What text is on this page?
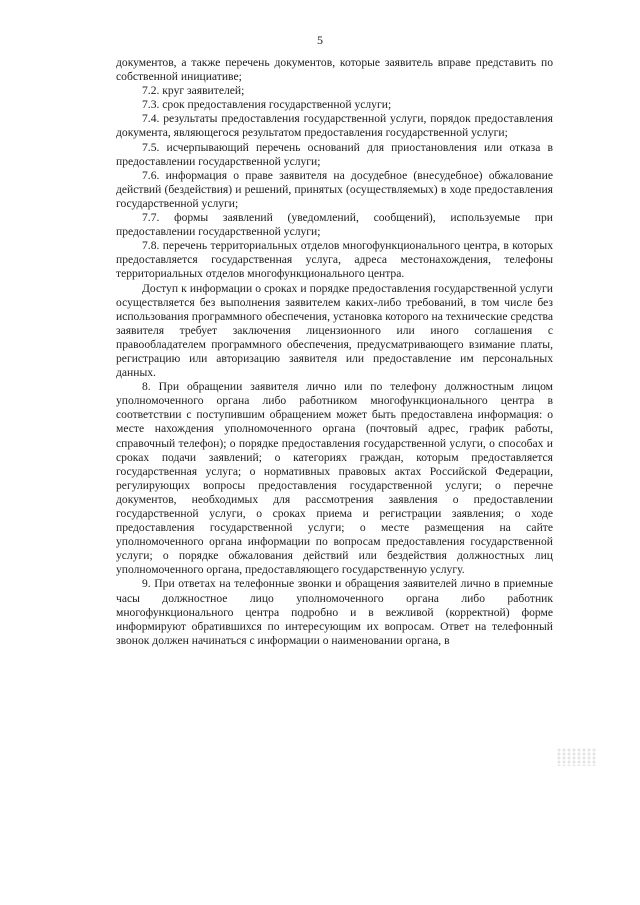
5

документов, а также перечень документов, которые заявитель вправе представить по собственной инициативе;

7.2. круг заявителей;

7.3. срок предоставления государственной услуги;

7.4. результаты предоставления государственной услуги, порядок предоставления документа, являющегося результатом предоставления государственной услуги;

7.5. исчерпывающий перечень оснований для приостановления или отказа в предоставлении государственной услуги;

7.6. информация о праве заявителя на досудебное (внесудебное) обжалование действий (бездействия) и решений, принятых (осуществляемых) в ходе предоставления государственной услуги;

7.7. формы заявлений (уведомлений, сообщений), используемые при предоставлении государственной услуги;

7.8. перечень территориальных отделов многофункционального центра, в которых предоставляется государственная услуга, адреса местонахождения, телефоны территориальных отделов многофункционального центра.

Доступ к информации о сроках и порядке предоставления государственной услуги осуществляется без выполнения заявителем каких-либо требований, в том числе без использования программного обеспечения, установка которого на технические средства заявителя требует заключения лицензионного или иного соглашения с правообладателем программного обеспечения, предусматривающего взимание платы, регистрацию или авторизацию заявителя или предоставление им персональных данных.

8. При обращении заявителя лично или по телефону должностным лицом уполномоченного органа либо работником многофункционального центра в соответствии с поступившим обращением может быть предоставлена информация: о месте нахождения уполномоченного органа (почтовый адрес, график работы, справочный телефон); о порядке предоставления государственной услуги, о способах и сроках подачи заявлений; о категориях граждан, которым предоставляется государственная услуга; о нормативных правовых актах Российской Федерации, регулирующих вопросы предоставления государственной услуги; о перечне документов, необходимых для рассмотрения заявления о предоставлении государственной услуги, о сроках приема и регистрации заявления; о ходе предоставления государственной услуги; о месте размещения на сайте уполномоченного органа информации по вопросам предоставления государственной услуги; о порядке обжалования действий или бездействия должностных лиц уполномоченного органа, предоставляющего государственную услугу.

9. При ответах на телефонные звонки и обращения заявителей лично в приемные часы должностное лицо уполномоченного органа либо работник многофункционального центра подробно и в вежливой (корректной) форме информируют обратившихся по интересующим их вопросам. Ответ на телефонный звонок должен начинаться с информации о наименовании органа, в
